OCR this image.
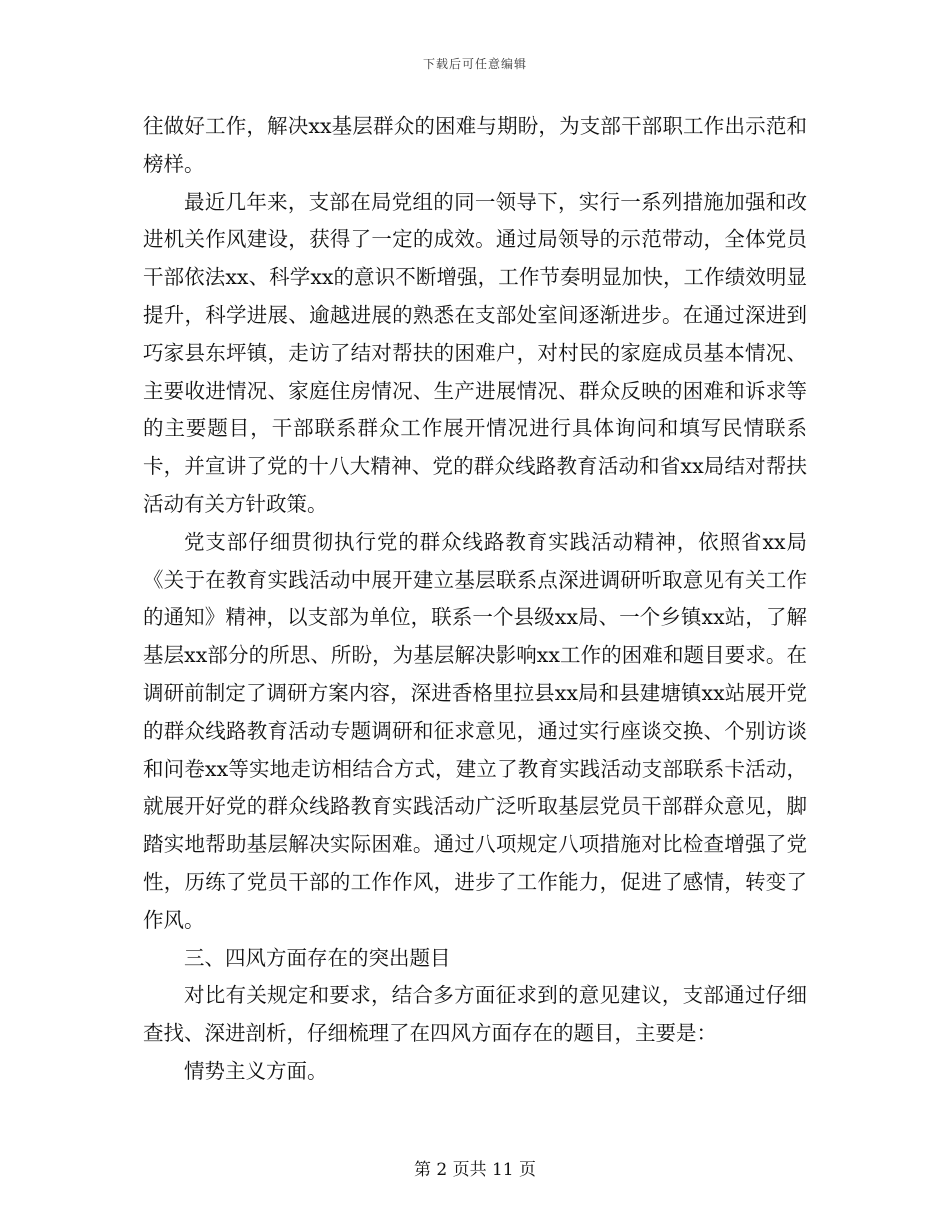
下载后可任意编辑

往做好工作，解决xx基层群众的困难与期盼，为支部干部职工作出示范和榜样。

最近几年来，支部在局党组的同一领导下，实行一系列措施加强和改进机关作风建设，获得了一定的成效。通过局领导的示范带动，全体党员干部依法xx、科学xx的意识不断增强，工作节奏明显加快，工作绩效明显提升，科学进展、逾越进展的熟悉在支部处室间逐渐进步。在通过深进到巧家县东坪镇，走访了结对帮扶的困难户，对村民的家庭成员基本情况、主要收进情况、家庭住房情况、生产进展情况、群众反映的困难和诉求等的主要题目，干部联系群众工作展开情况进行具体询问和填写民情联系卡，并宣讲了党的十八大精神、党的群众线路教育活动和省xx局结对帮扶活动有关方针政策。

党支部仔细贯彻执行党的群众线路教育实践活动精神，依照省xx局《关于在教育实践活动中展开建立基层联系点深进调研听取意见有关工作的通知》精神，以支部为单位，联系一个县级xx局、一个乡镇xx站，了解基层xx部分的所思、所盼，为基层解决影响xx工作的困难和题目要求。在调研前制定了调研方案内容，深进香格里拉县xx局和县建塘镇xx站展开党的群众线路教育活动专题调研和征求意见，通过实行座谈交换、个别访谈和问卷xx等实地走访相结合方式，建立了教育实践活动支部联系卡活动，就展开好党的群众线路教育实践活动广泛听取基层党员干部群众意见，脚踏实地帮助基层解决实际困难。通过八项规定八项措施对比检查增强了党性，历练了党员干部的工作作风，进步了工作能力，促进了感情，转变了作风。

三、四风方面存在的突出题目

对比有关规定和要求，结合多方面征求到的意见建议，支部通过仔细查找、深进剖析，仔细梳理了在四风方面存在的题目，主要是：

情势主义方面。

第 2 页共 11 页
